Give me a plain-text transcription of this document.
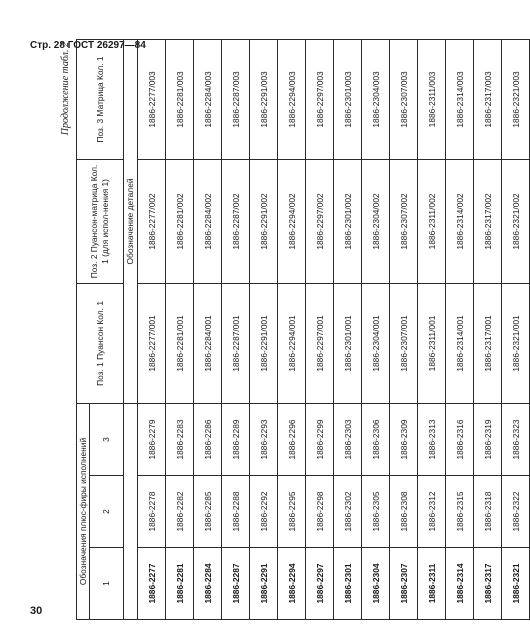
Стр. 28 ГОСТ 26297—84
Продолжение табл. 2
Обозначения плюс-фиры исполнений			Поз. 1 Пуансон Кол. 1	Поз. 2 Пуансон-матрица Кол. 1 (для испол-нения 1)	Поз. 3 Матрица Кол. 1
1	2	3			
			Обозначение деталей		
1886-2277	1886-2278	1886-2279	1886-2277/001	1886-2277/002	1886-2277/003
1886-2281	1886-2282	1886-2283	1886-2281/001	1886-2281/002	1886-2281/003
1886-2284	1886-2285	1886-2286	1886-2284/001	1886-2284/002	1886-2284/003
1886-2287	1886-2288	1886-2289	1886-2287/001	1886-2287/002	1886-2287/003
1886-2291	1886-2292	1886-2293	1886-2291/001	1886-2291/002	1886-2291/003
1886-2294	1886-2295	1886-2296	1886-2294/001	1886-2294/002	1886-2294/003
1886-2297	1886-2298	1886-2299	1886-2297/001	1886-2297/002	1886-2297/003
1886-2301	1886-2302	1886-2303	1886-2301/001	1886-2301/002	1886-2301/003
1886-2304	1886-2305	1886-2306	1886-2304/001	1886-2304/002	1886-2304/003
1886-2307	1886-2308	1886-2309	1886-2307/001	1886-2307/002	1886-2307/003
1886-2311	1886-2312	1886-2313	1886-2311/001	1886-2311/002	1886-2311/003
1886-2314	1886-2315	1886-2316	1886-2314/001	1886-2314/002	1886-2314/003
1886-2317	1886-2318	1886-2319	1886-2317/001	1886-2317/002	1886-2317/003
1886-2321	1886-2322	1886-2323	1886-2321/001	1886-2321/002	1886-2321/003
30
